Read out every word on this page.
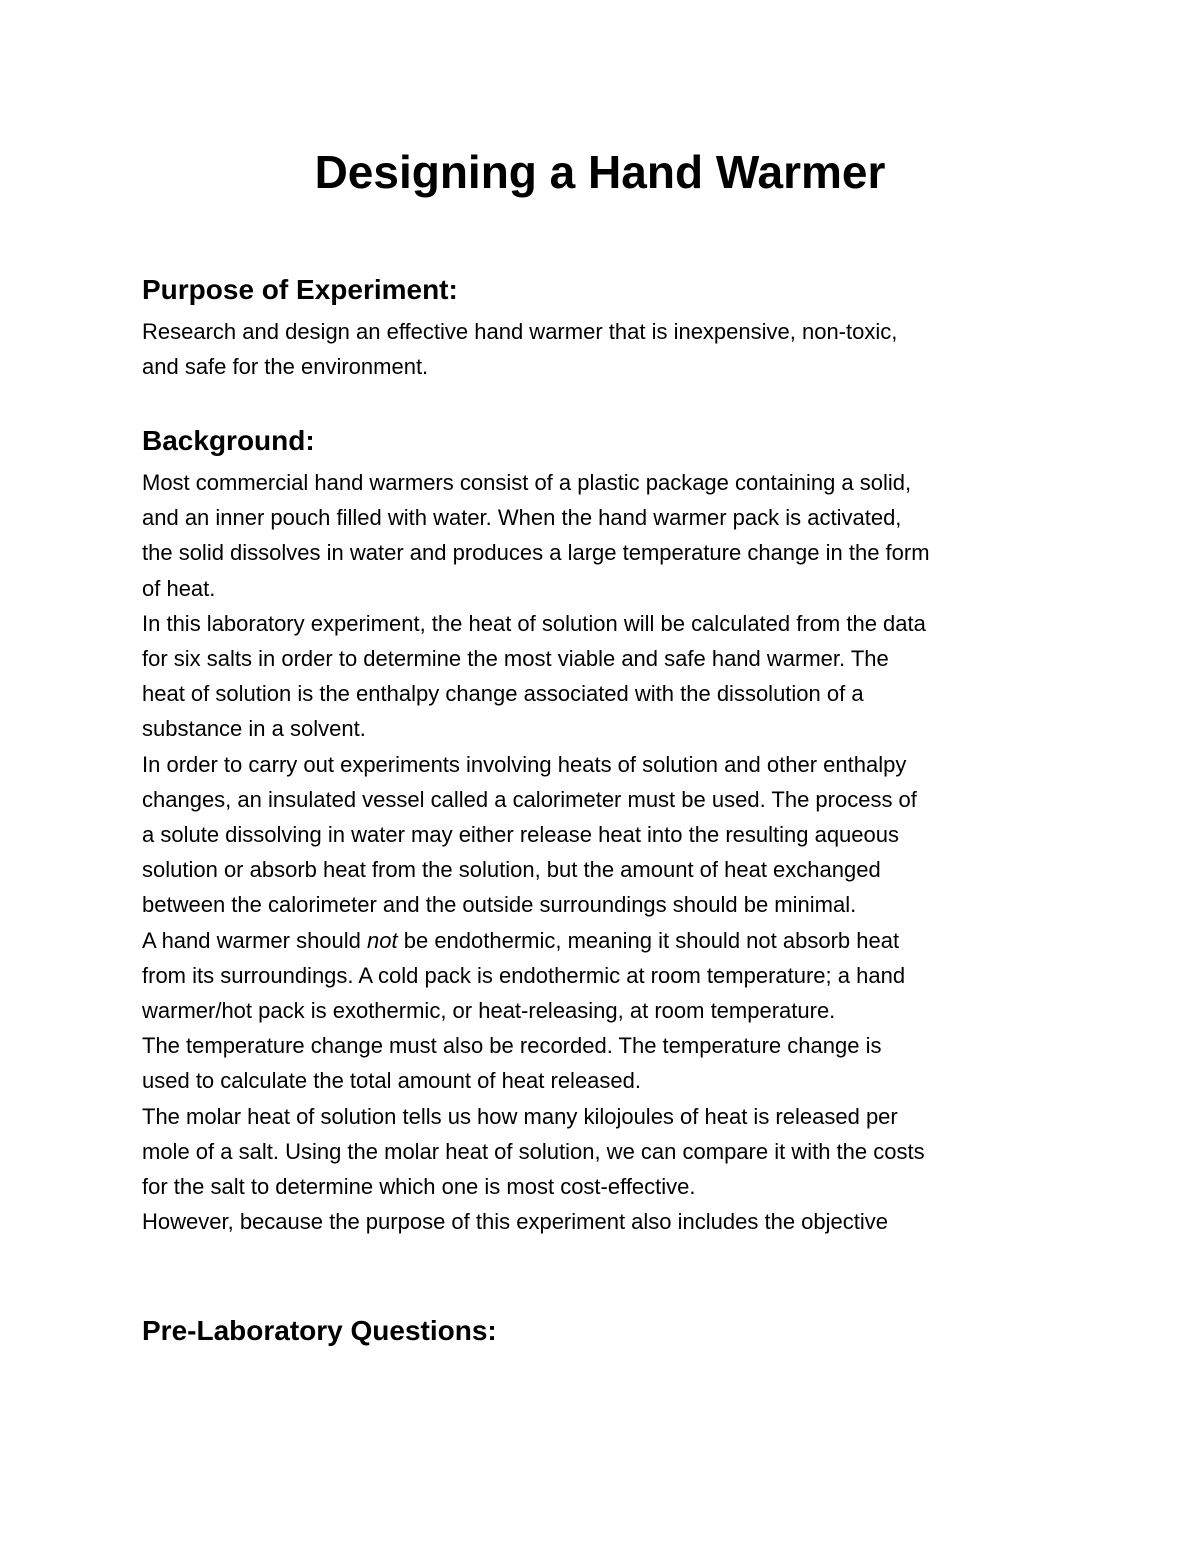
Designing a Hand Warmer
Purpose of Experiment:
Research and design an effective hand warmer that is inexpensive, non-toxic,
and safe for the environment.
Background:
Most commercial hand warmers consist of a plastic package containing a solid,
and an inner pouch filled with water. When the hand warmer pack is activated,
the solid dissolves in water and produces a large temperature change in the form
of heat.
In this laboratory experiment, the heat of solution will be calculated from the data
for six salts in order to determine the most viable and safe hand warmer. The
heat of solution is the enthalpy change associated with the dissolution of a
substance in a solvent.
In order to carry out experiments involving heats of solution and other enthalpy
changes, an insulated vessel called a calorimeter must be used. The process of
a solute dissolving in water may either release heat into the resulting aqueous
solution or absorb heat from the solution, but the amount of heat exchanged
between the calorimeter and the outside surroundings should be minimal.
A hand warmer should not be endothermic, meaning it should not absorb heat
from its surroundings. A cold pack is endothermic at room temperature; a hand
warmer/hot pack is exothermic, or heat-releasing, at room temperature.
The temperature change must also be recorded. The temperature change is
used to calculate the total amount of heat released.
The molar heat of solution tells us how many kilojoules of heat is released per
mole of a salt. Using the molar heat of solution, we can compare it with the costs
for the salt to determine which one is most cost-effective.
However, because the purpose of this experiment also includes the objective
Pre-Laboratory Questions:
